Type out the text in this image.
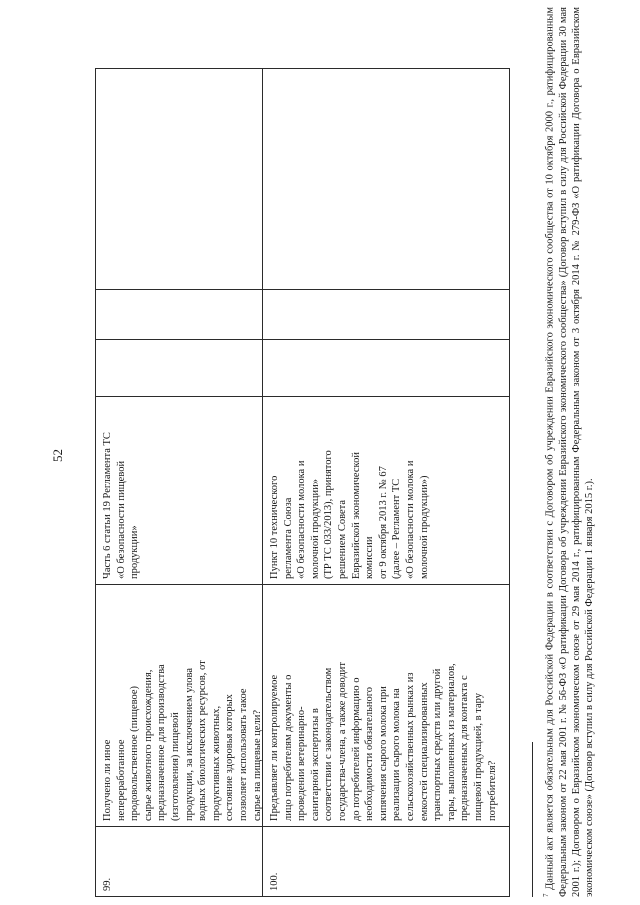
52
99.
Получено ли иное
непереработанное
продовольственное (пищевое)
сырье животного происхождения,
предназначенное для производства
(изготовления) пищевой
продукции, за исключением улова
водных биологических ресурсов, от
продуктивных животных,
состояние здоровья которых
позволяет использовать такое
сырье на пищевые цели?
Часть 6 статьи 19 Регламента ТС
«О безопасности пищевой
продукции»
100.
Предъявляет ли контролируемое
лицо потребителям документы о
проведении ветеринарно-
санитарной экспертизы в
соответствии с законодательством
государства-члена, а также доводит
до потребителей информацию о
необходимости обязательного
кипячения сырого молока при
реализации сырого молока на
сельскохозяйственных рынках из
емкостей специализированных
транспортных средств или другой
тары, выполненных из материалов,
предназначенных для контакта с
пищевой продукцией, в тару
потребителя?
Пункт 10 технического
регламента Союза
«О безопасности молока и
молочной продукции»
(ТР ТС 033/2013), принятого
решением Совета
Евразийской экономической
комиссии
от 9 октября 2013 г. № 67
(далее – Регламент ТС
«О безопасности молока и
молочной продукции»)
$^7$ Данный акт является обязательным для Российской Федерации в соответствии с Договором об учреждении Евразийского экономического сообщества от 10 октября 2000 г., ратифицированным Федеральным законом от 22 мая 2001 г. № 56-ФЗ «О ратификации Договора об учреждении Евразийского экономического сообщества» (Договор вступил в силу для Российской Федерации 30 мая 2001 г.); Договором о Евразийском экономическом союзе от 29 мая 2014 г., ратифицированным Федеральным законом от 3 октября 2014 г. № 279-ФЗ «О ратификации Договора о Евразийском экономическом союзе» (Договор вступил в силу для Российской Федерации 1 января 2015 г.).
